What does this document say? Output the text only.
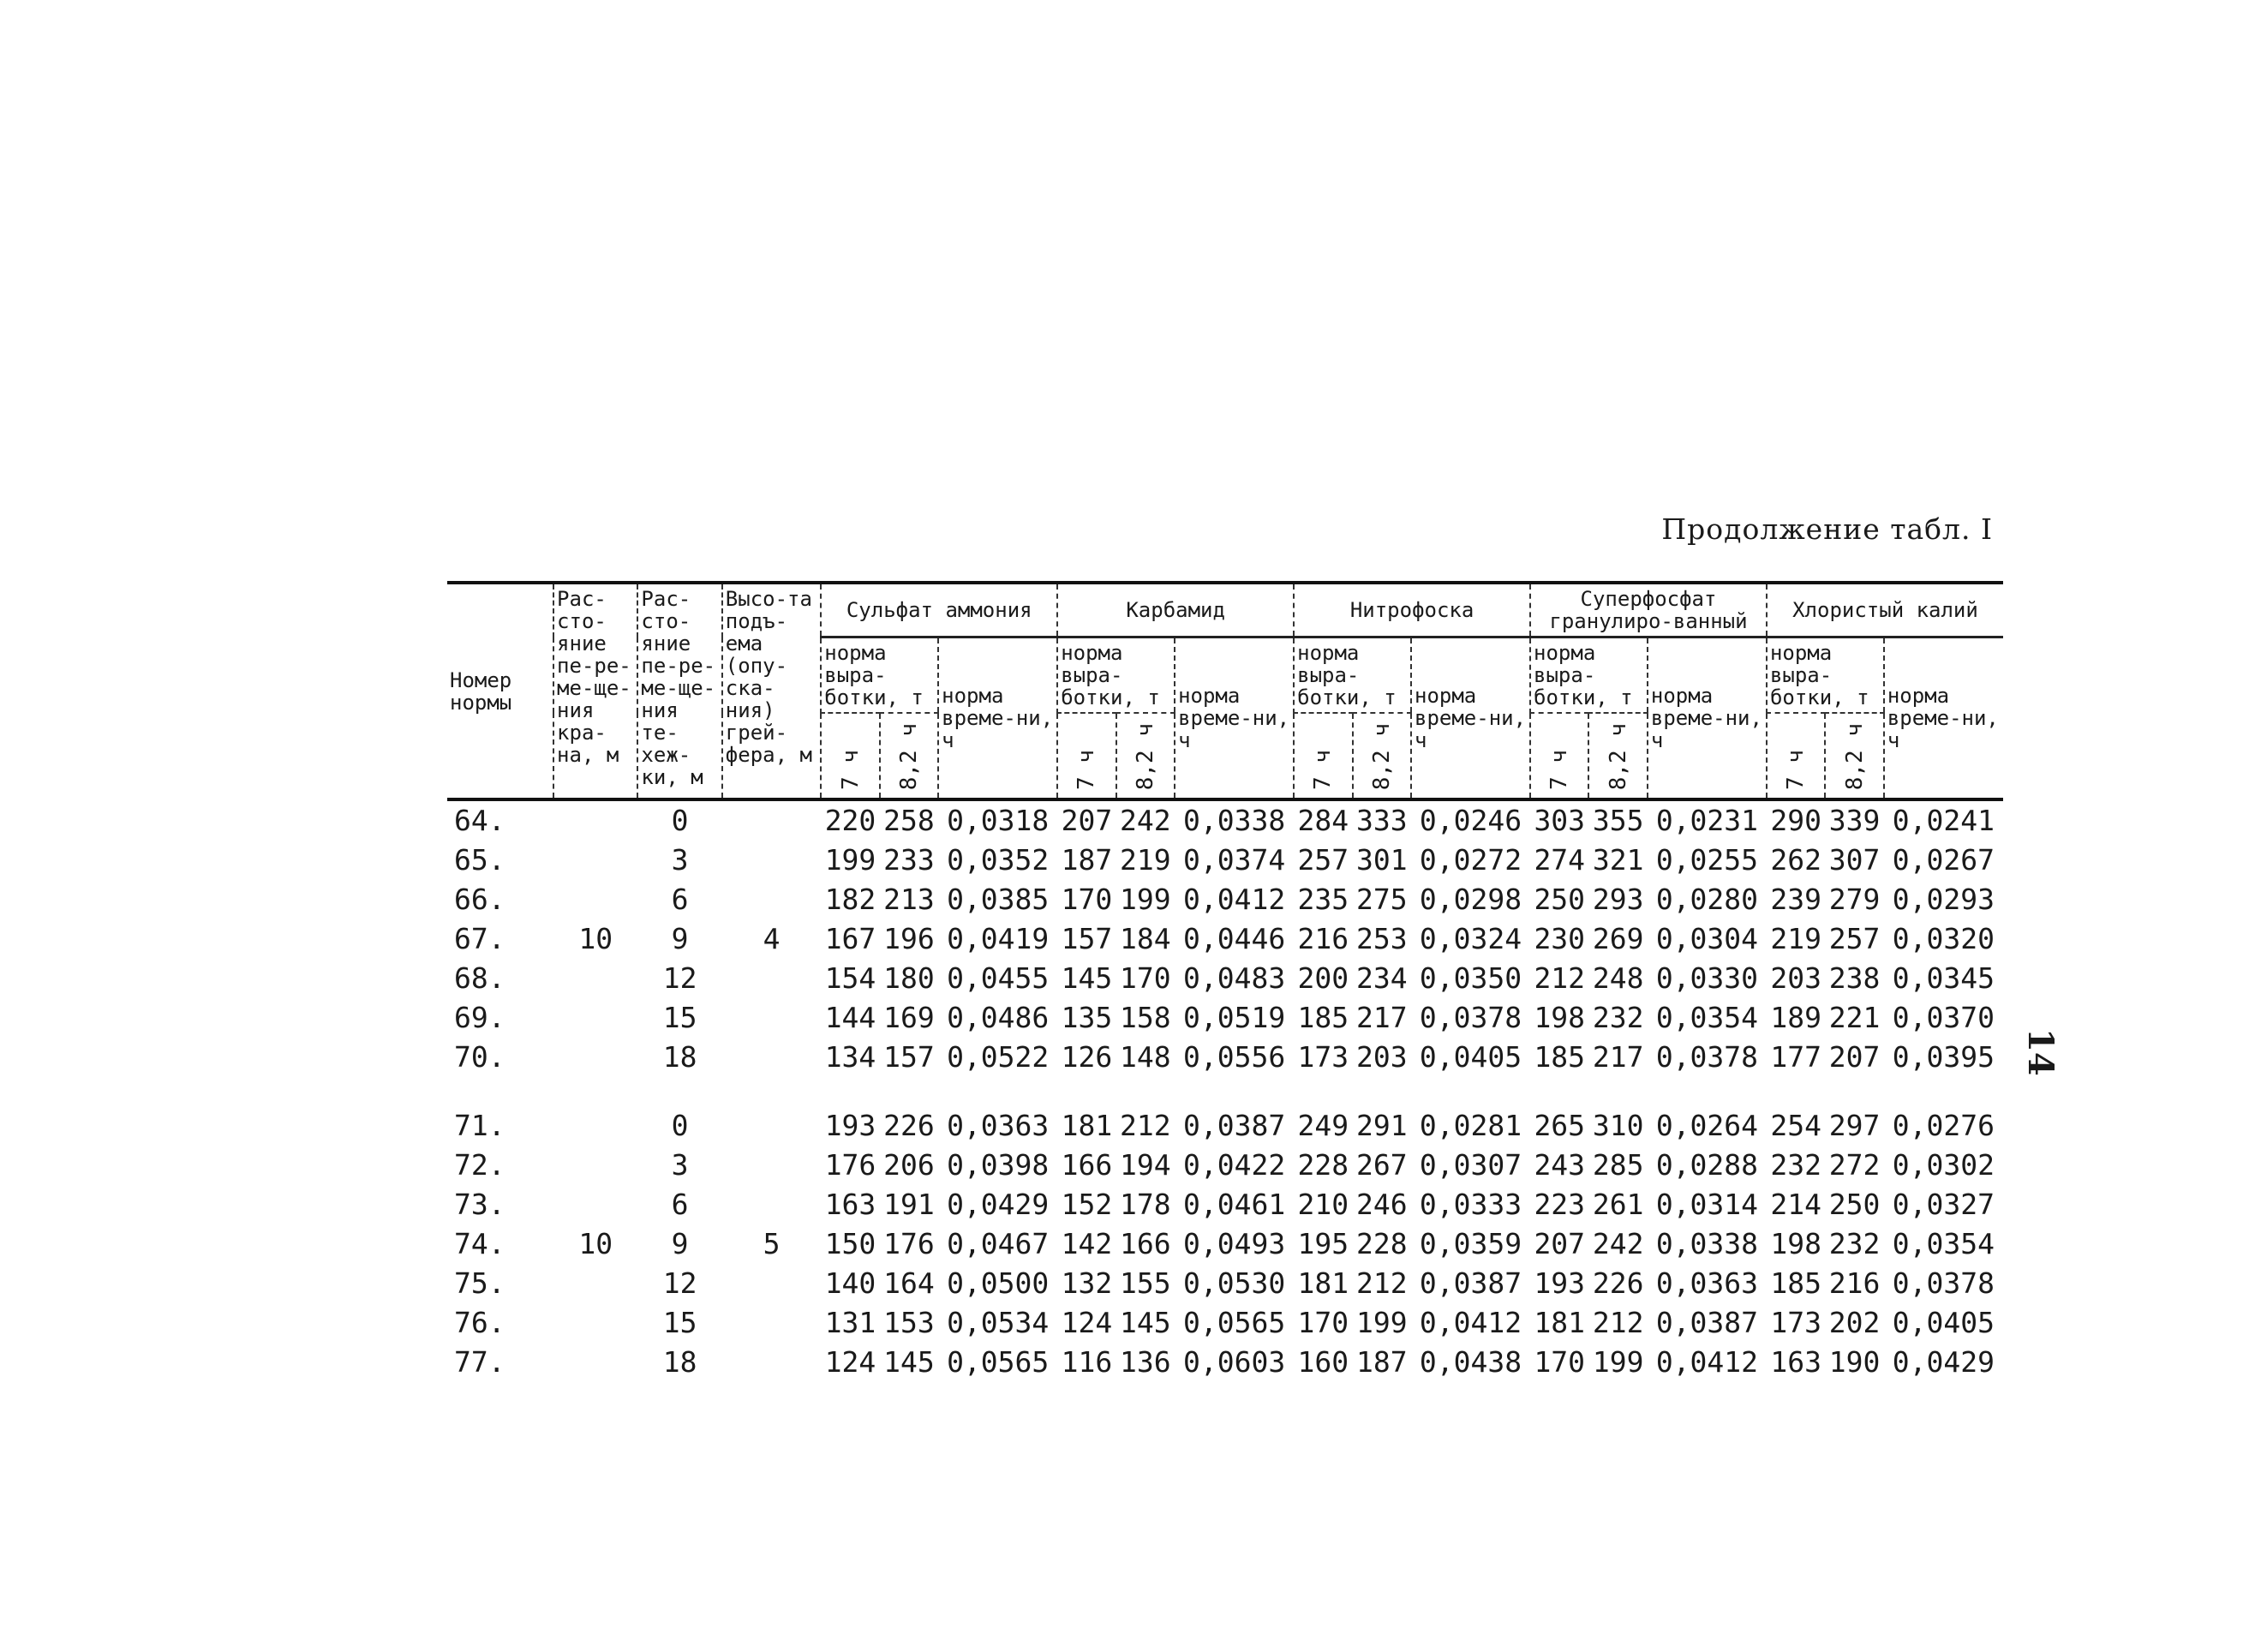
Продолжение табл. I
14
Номер нормы	Рас-сто-яние пе-ре-ме-ще-ния кра-на, м	Рас-сто-яние пе-ре-ме-ще-ния те-хеж-ки, м	Высо-та подъ-ема (опу-ска-ния) грей-фера, м	Сульфат аммония			Карбамид			Нитрофоска			Суперфосфат гранулиро-ванный			Хлористый калий		
				норма выра-ботки, т		норма време-ни, ч	норма выра-ботки, т		норма време-ни, ч	норма выра-ботки, т		норма време-ни, ч	норма выра-ботки, т		норма време-ни, ч	норма выра-ботки, т		норма време-ни, ч
				7 ч	8,2 ч		7 ч	8,2 ч		7 ч	8,2 ч		7 ч	8,2 ч		7 ч	8,2 ч	
64.		0		220	258	0,0318	207	242	0,0338	284	333	0,0246	303	355	0,0231	290	339	0,0241
65.		3		199	233	0,0352	187	219	0,0374	257	301	0,0272	274	321	0,0255	262	307	0,0267
66.		6		182	213	0,0385	170	199	0,0412	235	275	0,0298	250	293	0,0280	239	279	0,0293
67.	10	9	4	167	196	0,0419	157	184	0,0446	216	253	0,0324	230	269	0,0304	219	257	0,0320
68.		12		154	180	0,0455	145	170	0,0483	200	234	0,0350	212	248	0,0330	203	238	0,0345
69.		15		144	169	0,0486	135	158	0,0519	185	217	0,0378	198	232	0,0354	189	221	0,0370
70.		18		134	157	0,0522	126	148	0,0556	173	203	0,0405	185	217	0,0378	177	207	0,0395

71.		0		193	226	0,0363	181	212	0,0387	249	291	0,0281	265	310	0,0264	254	297	0,0276
72.		3		176	206	0,0398	166	194	0,0422	228	267	0,0307	243	285	0,0288	232	272	0,0302
73.		6		163	191	0,0429	152	178	0,0461	210	246	0,0333	223	261	0,0314	214	250	0,0327
74.	10	9	5	150	176	0,0467	142	166	0,0493	195	228	0,0359	207	242	0,0338	198	232	0,0354
75.		12		140	164	0,0500	132	155	0,0530	181	212	0,0387	193	226	0,0363	185	216	0,0378
76.		15		131	153	0,0534	124	145	0,0565	170	199	0,0412	181	212	0,0387	173	202	0,0405
77.		18		124	145	0,0565	116	136	0,0603	160	187	0,0438	170	199	0,0412	163	190	0,0429
